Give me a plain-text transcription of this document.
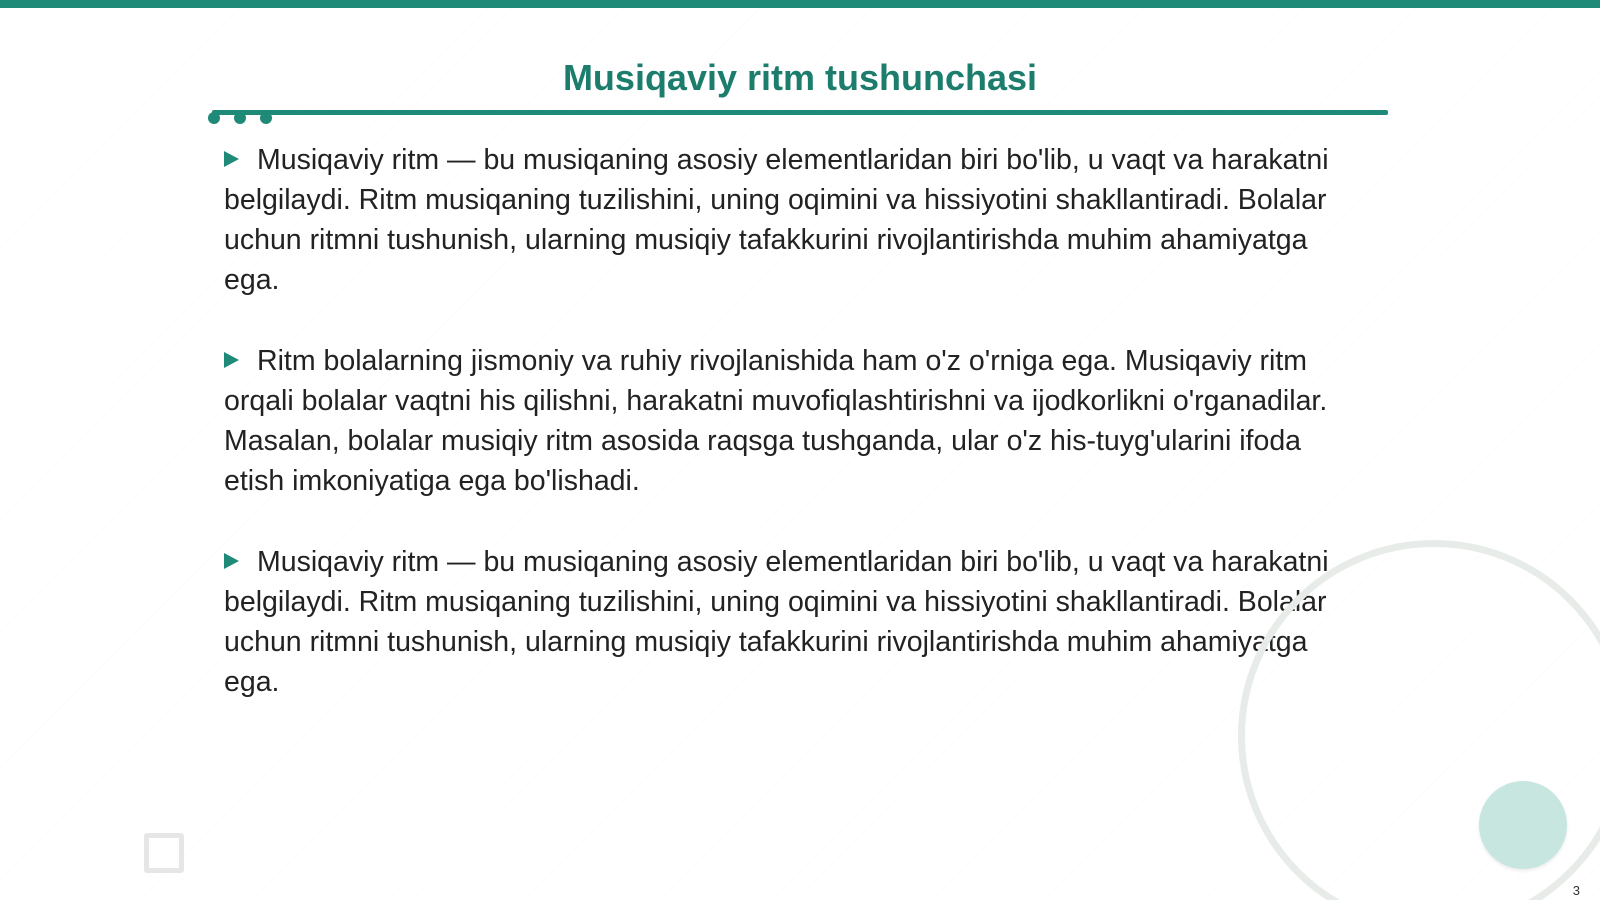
Musiqaviy ritm tushunchasi

Musiqaviy ritm — bu musiqaning asosiy elementlaridan biri bo'lib, u vaqt va harakatni belgilaydi. Ritm musiqaning tuzilishini, uning oqimini va hissiyotini shakllantiradi. Bolalar uchun ritmni tushunish, ularning musiqiy tafakkurini rivojlantirishda muhim ahamiyatga ega.

Ritm bolalarning jismoniy va ruhiy rivojlanishida ham o'z o'rniga ega. Musiqaviy ritm orqali bolalar vaqtni his qilishni, harakatni muvofiqlashtirishni va ijodkorlikni o'rganadilar. Masalan, bolalar musiqiy ritm asosida raqsga tushganda, ular o'z his-tuyg'ularini ifoda etish imkoniyatiga ega bo'lishadi.

Musiqaviy ritm — bu musiqaning asosiy elementlaridan biri bo'lib, u vaqt va harakatni belgilaydi. Ritm musiqaning tuzilishini, uning oqimini va hissiyotini shakllantiradi. Bolalar uchun ritmni tushunish, ularning musiqiy tafakkurini rivojlantirishda muhim ahamiyatga ega.

3
